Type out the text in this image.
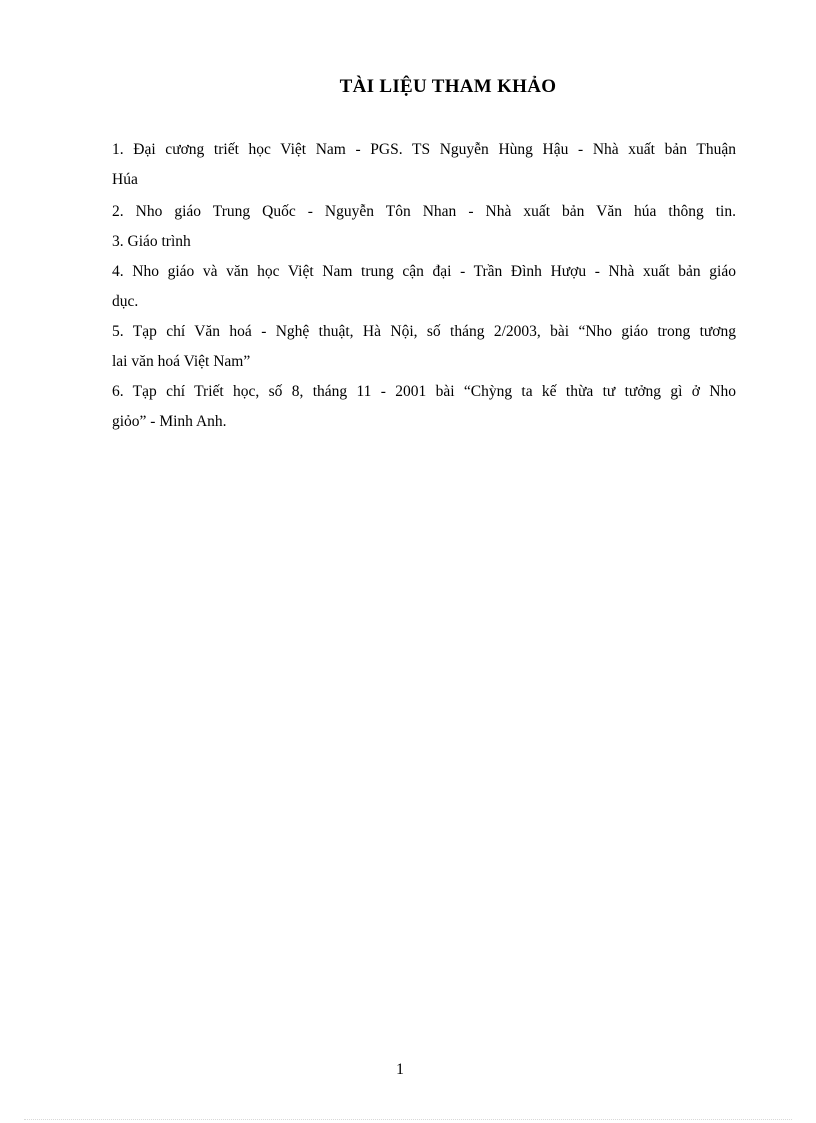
TÀI LIỆU THAM KHẢO
1. Đại cương triết học Việt Nam - PGS. TS Nguyễn Hùng Hậu - Nhà xuất bản Thuận
Húa
2. Nho giáo Trung Quốc - Nguyễn Tôn Nhan - Nhà xuất bản Văn húa thông tin.
3. Giáo trình
4. Nho giáo và văn học Việt Nam trung cận đại - Trần Đình Hượu - Nhà xuất bản giáo
dục.
5. Tạp chí Văn hoá - Nghệ thuật, Hà Nội, số tháng 2/2003, bài “Nho giáo trong tương
lai văn hoá Việt Nam”
6. Tạp chí Triết học, số 8, tháng 11 - 2001 bài “Chỳng ta kế thừa tư tưởng gì ở Nho
giỏo” - Minh Anh.
1
